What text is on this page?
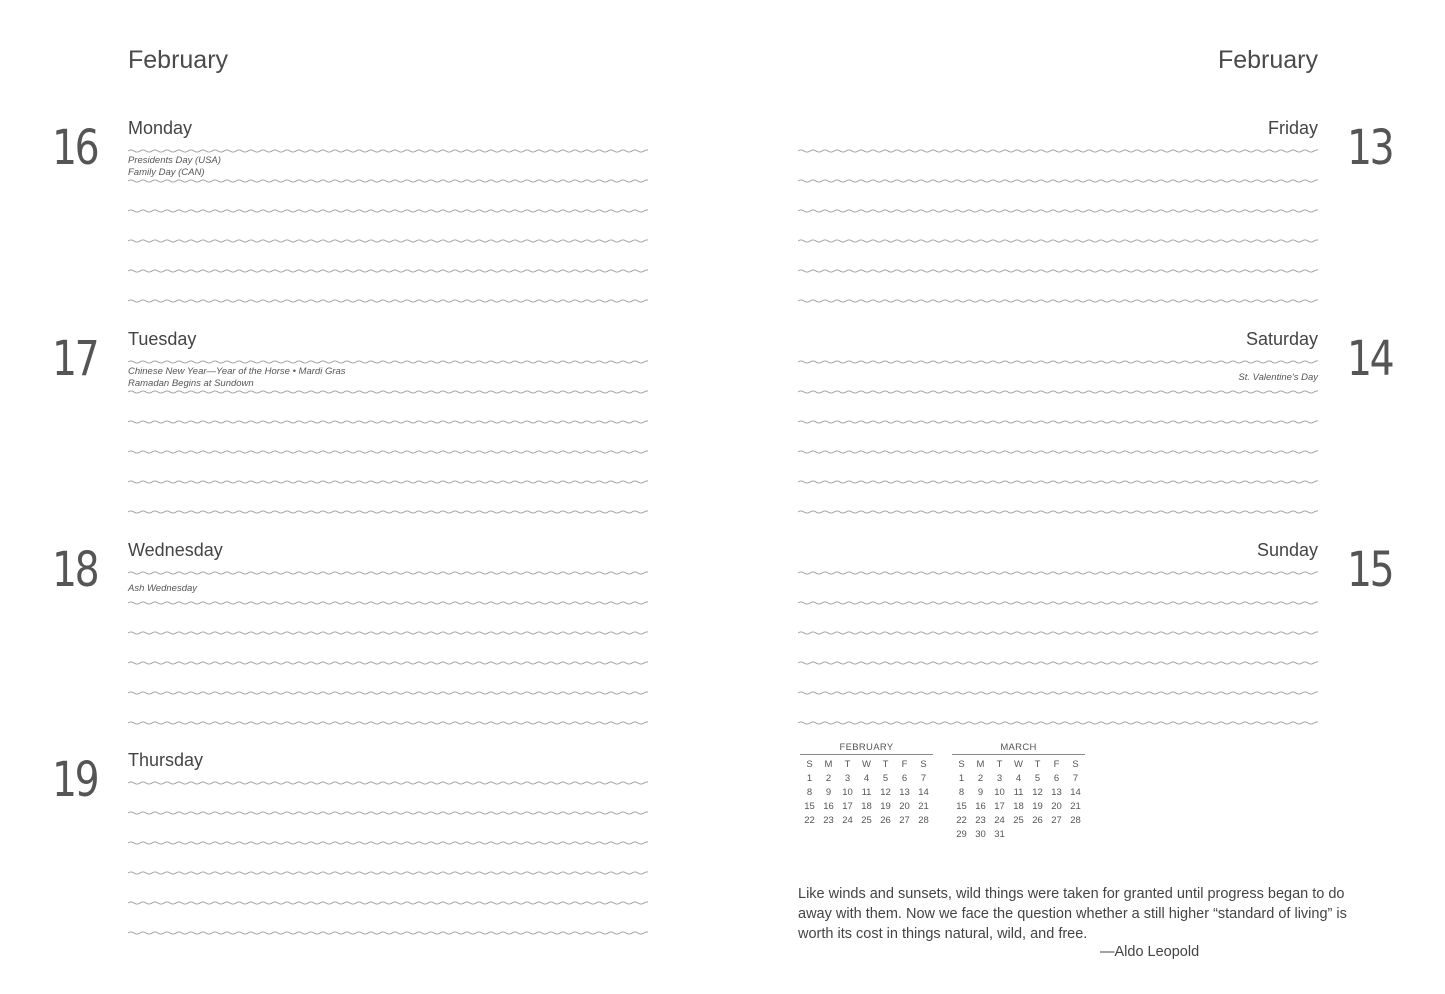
February
16 Monday
Presidents Day (USA)
Family Day (CAN)
17 Tuesday
Chinese New Year—Year of the Horse • Mardi Gras
Ramadan Begins at Sundown
18 Wednesday
Ash Wednesday
19 Thursday
February
13
Friday
14
Saturday
St. Valentine's Day
15
Sunday
FEBRUARY
S	M	T	W	T	F	S
1	2	3	4	5	6	7
8	9	10	11	12	13	14
15	16	17	18	19	20	21
22	23	24	25	26	27	28
MARCH
S	M	T	W	T	F	S
1	2	3	4	5	6	7
8	9	10	11	12	13	14
15	16	17	18	19	20	21
22	23	24	25	26	27	28
29	30	31				
Like winds and sunsets, wild things were taken for granted until progress began to do away with them. Now we face the question whether a still higher “standard of living” is worth its cost in things natural, wild, and free.
—Aldo Leopold
